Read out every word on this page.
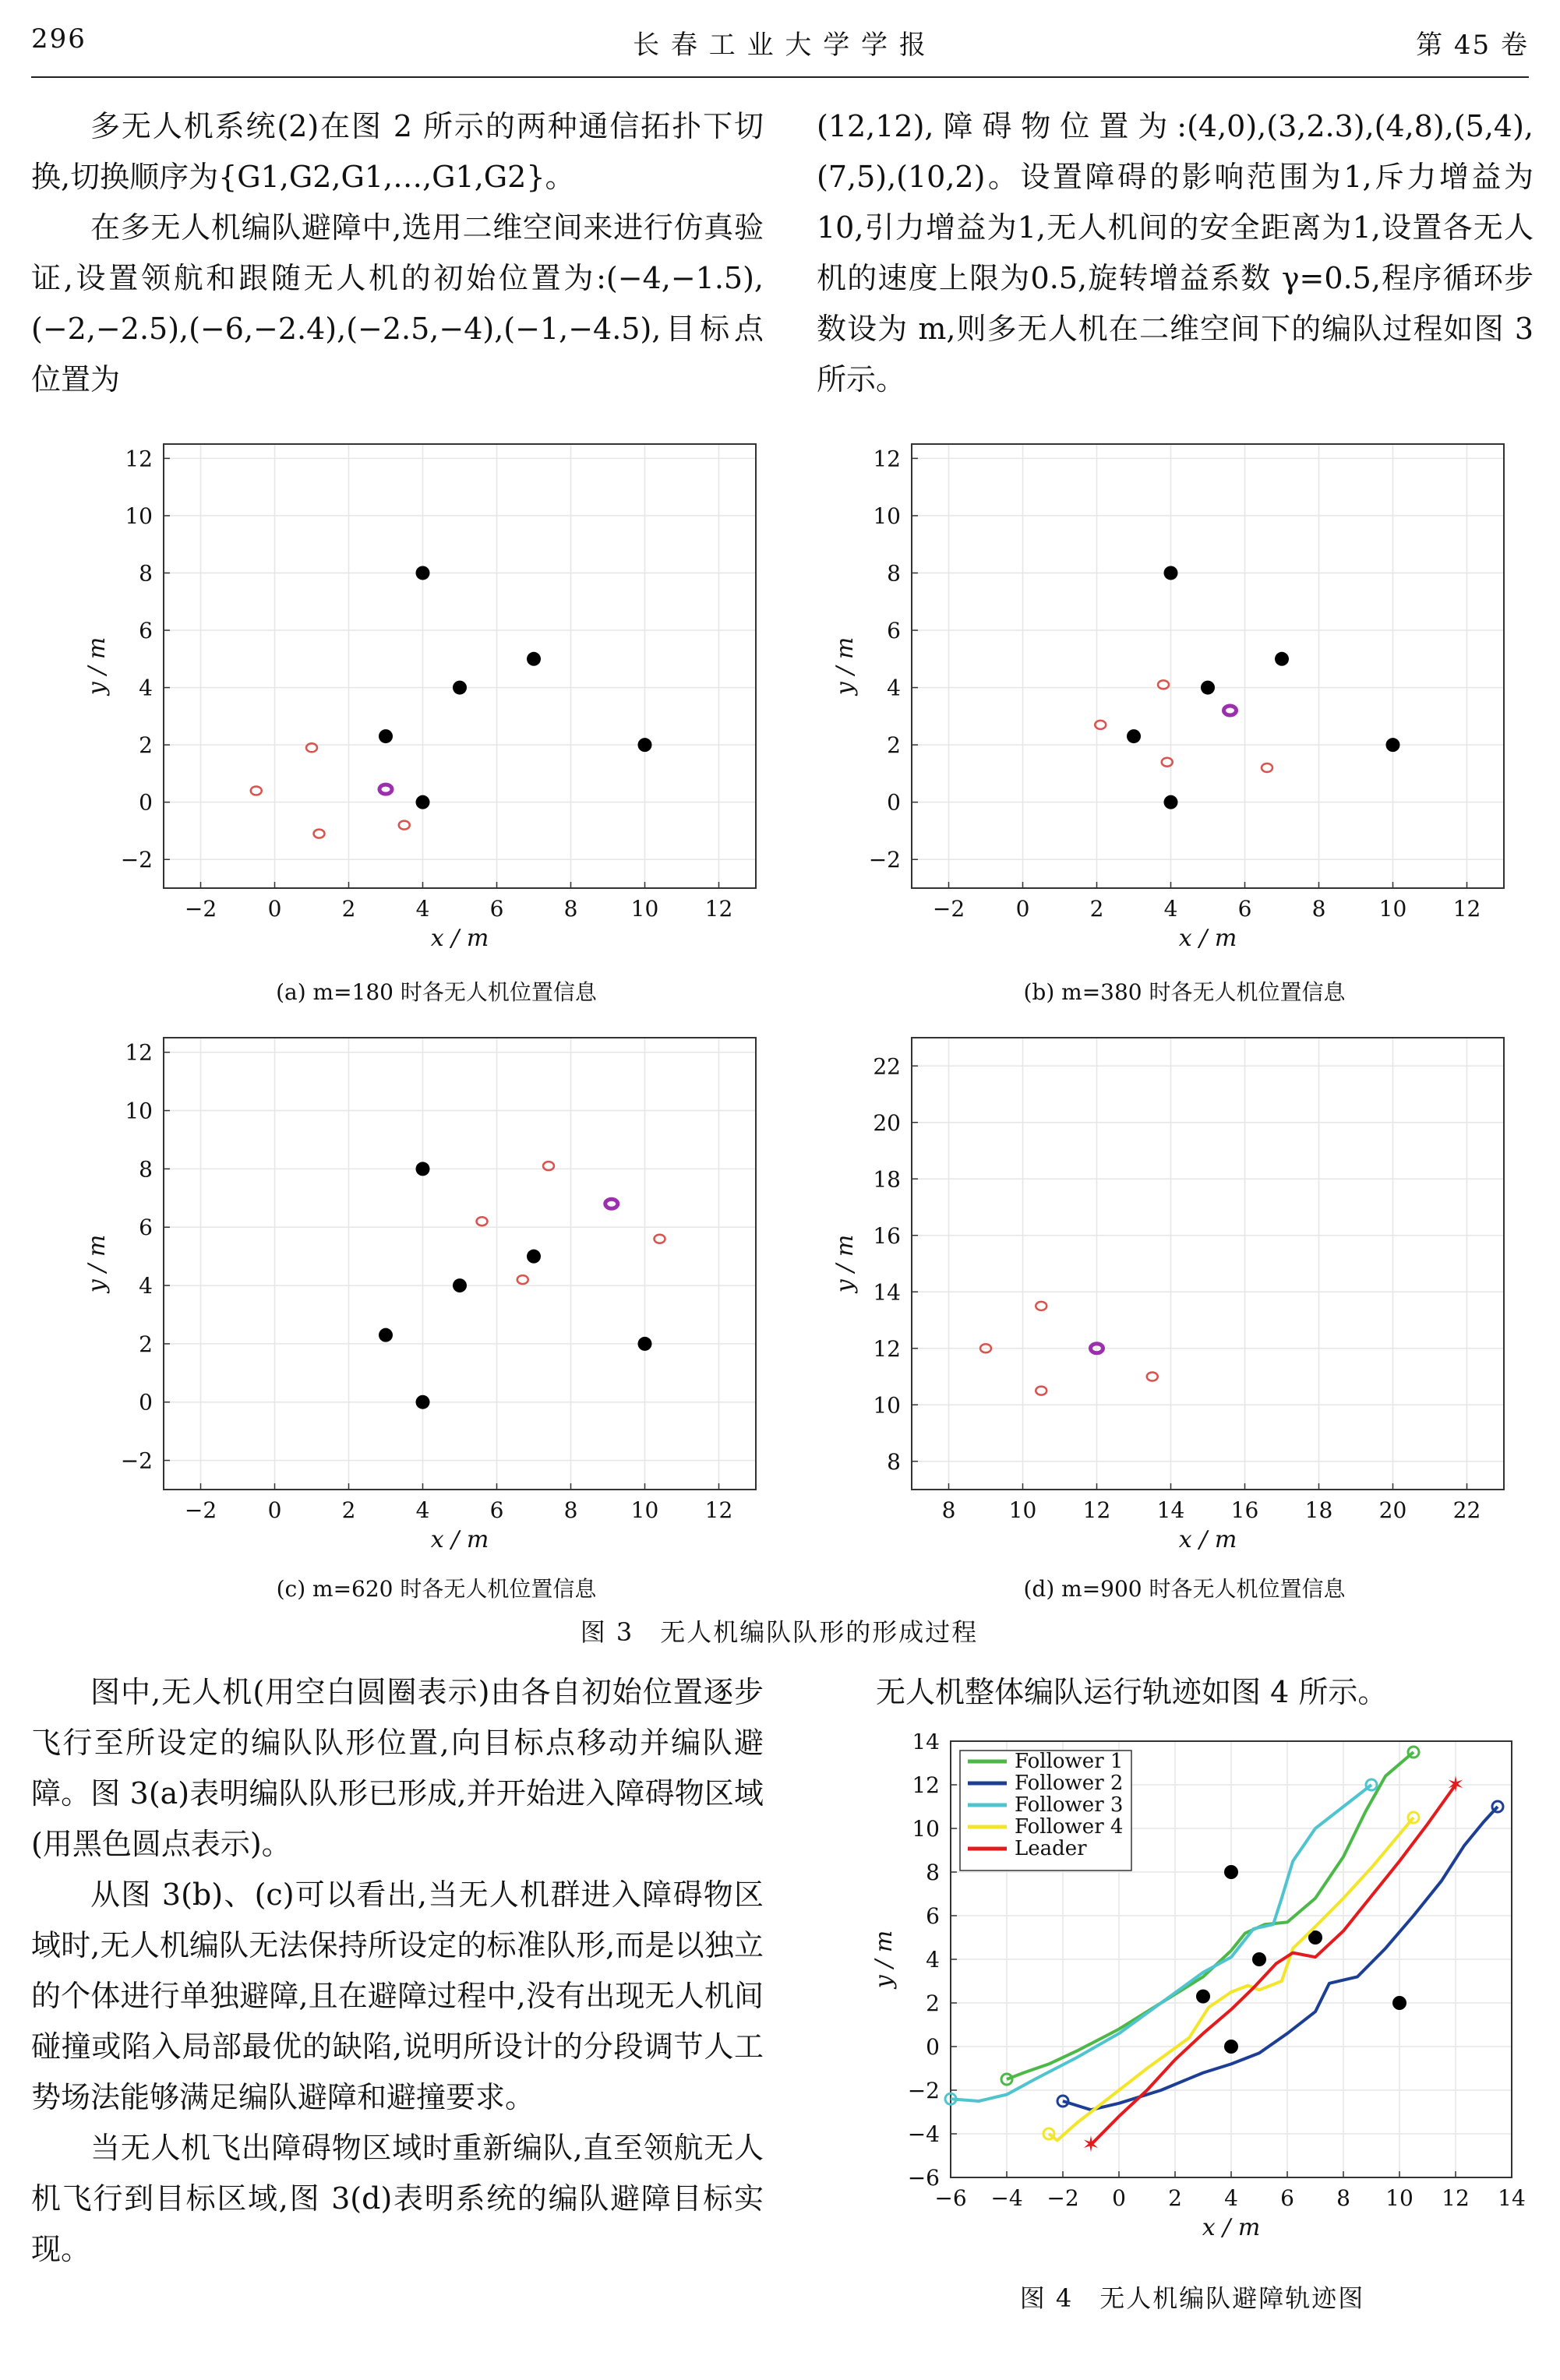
296	长 春 工 业 大 学 学 报	第 45 卷

多无人机系统(2)在图 2 所示的两种通信拓扑下切换,切换顺序为{G1,G2,G1,…,G1,G2}。

在多无人机编队避障中,选用二维空间来进行仿真验证,设置领航和跟随无人机的初始位置为:(−4,−1.5),(−2,−2.5),(−6,−2.4),(−2.5,−4),(−1,−4.5),目标点位置为

(12,12),障碍物位置为:(4,0),(3,2.3),(4,8),(5,4),(7,5),(10,2)。设置障碍的影响范围为1,斥力增益为10,引力增益为1,无人机间的安全距离为1,设置各无人机的速度上限为0.5,旋转增益系数 γ=0.5,程序循环步数设为 m,则多无人机在二维空间下的编队过程如图 3 所示。

−2 0	2	4	6	8 10 12
−2
0
2
4
6
8
10
12
x / m
y / m
−2 0	2	4	6	8 10 12
−2
0
2
4
6
8
10
12
x / m
y / m
(a) m=180 时各无人机位置信息	(b) m=380 时各无人机位置信息
−2 0	2	4	6	8 10 12
−2
0
2
4
6
8
10
12
x / m
y / m
8 10 12 14 16 18 20 22
8
10
12
14
16
18
20
22
x / m
y / m
(c) m=620 时各无人机位置信息	(d) m=900 时各无人机位置信息
图 3　无人机编队队形的形成过程

图中,无人机(用空白圆圈表示)由各自初始位置逐步飞行至所设定的编队队形位置,向目标点移动并编队避障。图 3(a)表明编队队形已形成,并开始进入障碍物区域(用黑色圆点表示)。

从图 3(b)、(c)可以看出,当无人机群进入障碍物区域时,无人机编队无法保持所设定的标准队形,而是以独立的个体进行单独避障,且在避障过程中,没有出现无人机间碰撞或陷入局部最优的缺陷,说明所设计的分段调节人工势场法能够满足编队避障和避撞要求。

当无人机飞出障碍物区域时重新编队,直至领航无人机飞行到目标区域,图 3(d)表明系统的编队避障目标实现。

无人机整体编队运行轨迹如图 4 所示。

−6 −4 −2 0 2 4 6 8 10 12 14
−6
−4
−2
0
2
4
6
8
10
12
14
x / m
y / m
✶
✶
Follower 1
Follower 2
Follower 3
Follower 4
Leader
图 4　无人机编队避障轨迹图
